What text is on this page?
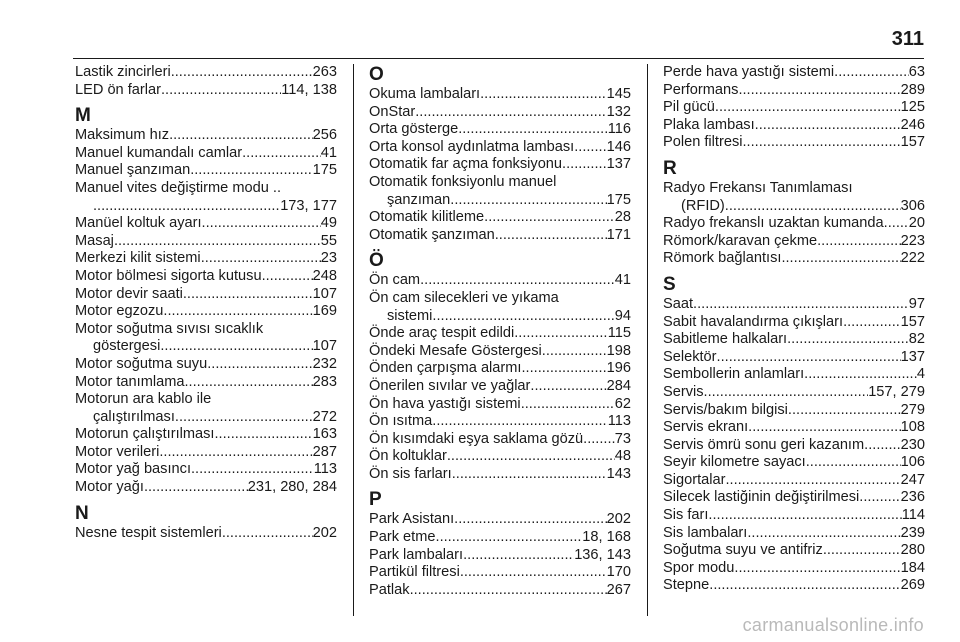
311
Lastik zincirleri .....	263
LED ön farlar .....	114, 138
M
Maksimum hız .....	256
Manuel kumandalı camlar .....	41
Manuel şanzıman .....	175
Manuel vites değiştirme modu ..
.....
173, 177
Manüel koltuk ayarı .....	49
Masaj .....	55
Merkezi kilit sistemi .....	23
Motor bölmesi sigorta kutusu .....	248
Motor devir saati .....	107
Motor egzozu .....	169
Motor soğutma sıvısı sıcaklık
göstergesi .....	107
Motor soğutma suyu .....	232
Motor tanımlama .....	283
Motorun ara kablo ile
çalıştırılması .....	272
Motorun çalıştırılması .....	163
Motor verileri .....	287
Motor yağ basıncı .....	113
Motor yağı .....	231, 280, 284
N
Nesne tespit sistemleri .....	202
O
Okuma lambaları .....	145
OnStar .....	132
Orta gösterge .....	116
Orta konsol aydınlatma lambası ..... 146
Otomatik far açma fonksiyonu .....	137
Otomatik fonksiyonlu manuel
şanzıman .....	175
Otomatik kilitleme .....	28
Otomatik şanzıman .....	171
Ö
Ön cam .....	41
Ön cam silecekleri ve yıkama
sistemi .....	94
Önde araç tespit edildi .....	115
Öndeki Mesafe Göstergesi .....	198
Önden çarpışma alarmı .....	196
Önerilen sıvılar ve yağlar .....	284
Ön hava yastığı sistemi .....	62
Ön ısıtma .....	113
Ön kısımdaki eşya saklama gözü ..... 73
Ön koltuklar .....	48
Ön sis farları .....	143
P
Park Asistanı .....	202
Park etme .....	18, 168
Park lambaları .....	136, 143
Partikül filtresi .....	170
Patlak .....	267
Perde hava yastığı sistemi .....	63
Performans .....	289
Pil gücü .....	125
Plaka lambası .....	246
Polen filtresi .....	157
R
Radyo Frekansı Tanımlaması
(RFID) .....	306
Radyo frekanslı uzaktan kumanda ..... 20
Römork/karavan çekme .....	223
Römork bağlantısı .....	222
S
Saat .....	97
Sabit havalandırma çıkışları .....	157
Sabitleme halkaları .....	82
Selektör .....	137
Sembollerin anlamları .....	4
Servis .....	157, 279
Servis/bakım bilgisi .....	279
Servis ekranı .....	108
Servis ömrü sonu geri kazanım ..... 230
Seyir kilometre sayacı .....	106
Sigortalar .....	247
Silecek lastiğinin değiştirilmesi .....	236
Sis farı .....	114
Sis lambaları .....	239
Soğutma suyu ve antifriz .....	280
Spor modu .....	184
Stepne .....	269
carmanualsonline.info
